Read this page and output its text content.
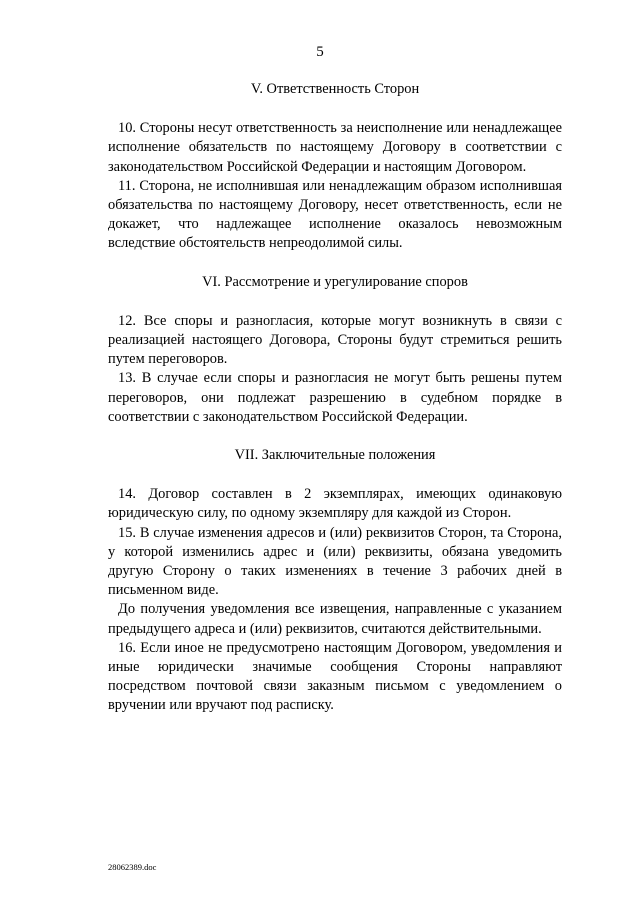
5
V. Ответственность Сторон

10. Стороны несут ответственность за неисполнение или ненадлежащее исполнение обязательств по настоящему Договору в соответствии с законодательством Российской Федерации и настоящим Договором.

11. Сторона, не исполнившая или ненадлежащим образом исполнившая обязательства по настоящему Договору, несет ответственность, если не докажет, что надлежащее исполнение оказалось невозможным вследствие обстоятельств непреодолимой силы.

VI. Рассмотрение и урегулирование споров

12. Все споры и разногласия, которые могут возникнуть в связи с реализацией настоящего Договора, Стороны будут стремиться решить путем переговоров.

13. В случае если споры и разногласия не могут быть решены путем переговоров, они подлежат разрешению в судебном порядке в соответствии с законодательством Российской Федерации.

VII. Заключительные положения

14. Договор составлен в 2 экземплярах, имеющих одинаковую юридическую силу, по одному экземпляру для каждой из Сторон.

15. В случае изменения адресов и (или) реквизитов Сторон, та Сторона, у которой изменились адрес и (или) реквизиты, обязана уведомить другую Сторону о таких изменениях в течение 3 рабочих дней в письменном виде.

До получения уведомления все извещения, направленные с указанием предыдущего адреса и (или) реквизитов, считаются действительными.

16. Если иное не предусмотрено настоящим Договором, уведомления и иные юридически значимые сообщения Стороны направляют посредством почтовой связи заказным письмом с уведомлением о вручении или вручают под расписку.

28062389.doc
